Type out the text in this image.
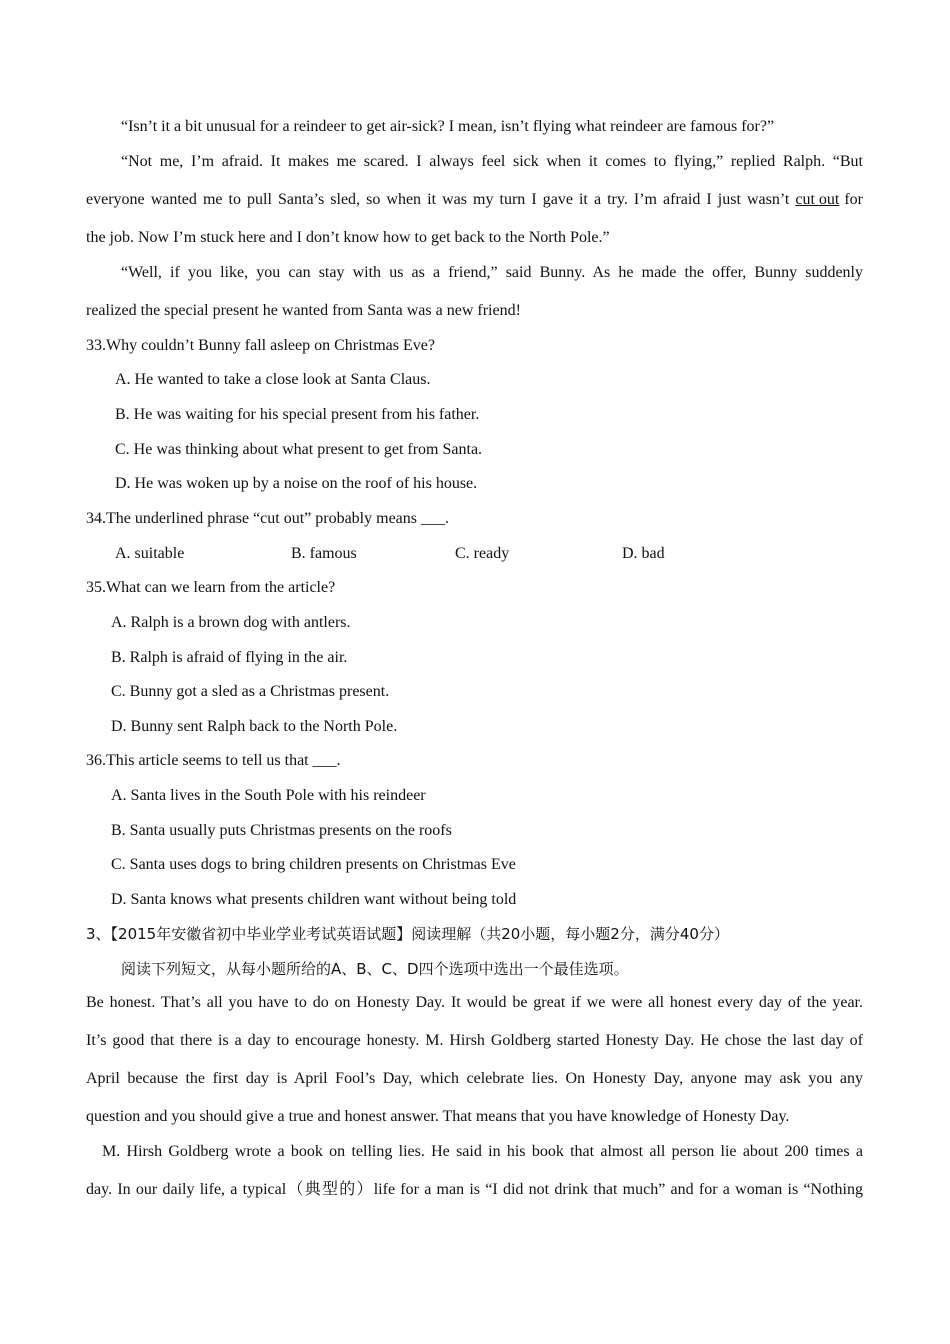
“Isn’t it a bit unusual for a reindeer to get air-sick? I mean, isn’t flying what reindeer are famous for?”
“Not me, I’m afraid. It makes me scared. I always feel sick when it comes to flying,” replied Ralph. “But
everyone wanted me to pull Santa’s sled, so when it was my turn I gave it a try. I’m afraid I just wasn’t cut out for
the job. Now I’m stuck here and I don’t know how to get back to the North Pole.”
“Well, if you like, you can stay with us as a friend,” said Bunny. As he made the offer, Bunny suddenly
realized the special present he wanted from Santa was a new friend!
33.Why couldn’t Bunny fall asleep on Christmas Eve?
A. He wanted to take a close look at Santa Claus.
B. He was waiting for his special present from his father.
C. He was thinking about what present to get from Santa.
D. He was woken up by a noise on the roof of his house.
34.The underlined phrase “cut out” probably means ___.
A. suitable	B. famous	C. ready	D. bad
35.What can we learn from the article?
A. Ralph is a brown dog with antlers.
B. Ralph is afraid of flying in the air.
C. Bunny got a sled as a Christmas present.
D. Bunny sent Ralph back to the North Pole.
36.This article seems to tell us that ___.
A. Santa lives in the South Pole with his reindeer
B. Santa usually puts Christmas presents on the roofs
C. Santa uses dogs to bring children presents on Christmas Eve
D. Santa knows what presents children want without being told
3、【2015年安徽省初中毕业学业考试英语试题】阅读理解（共20小题，每小题2分，满分40分）
阅读下列短文，从每小题所给的A、B、C、D四个选项中选出一个最佳选项。
Be honest. That’s all you have to do on Honesty Day. It would be great if we were all honest every day of the year.
It’s good that there is a day to encourage honesty. M. Hirsh Goldberg started Honesty Day. He chose the last day of
April because the first day is April Fool’s Day, which celebrate lies. On Honesty Day, anyone may ask you any
question and you should give a true and honest answer. That means that you have knowledge of Honesty Day.
M. Hirsh Goldberg wrote a book on telling lies. He said in his book that almost all person lie about 200 times a
day. In our daily life, a typical（典型的）life for a man is “I did not drink that much” and for a woman is “Nothing
